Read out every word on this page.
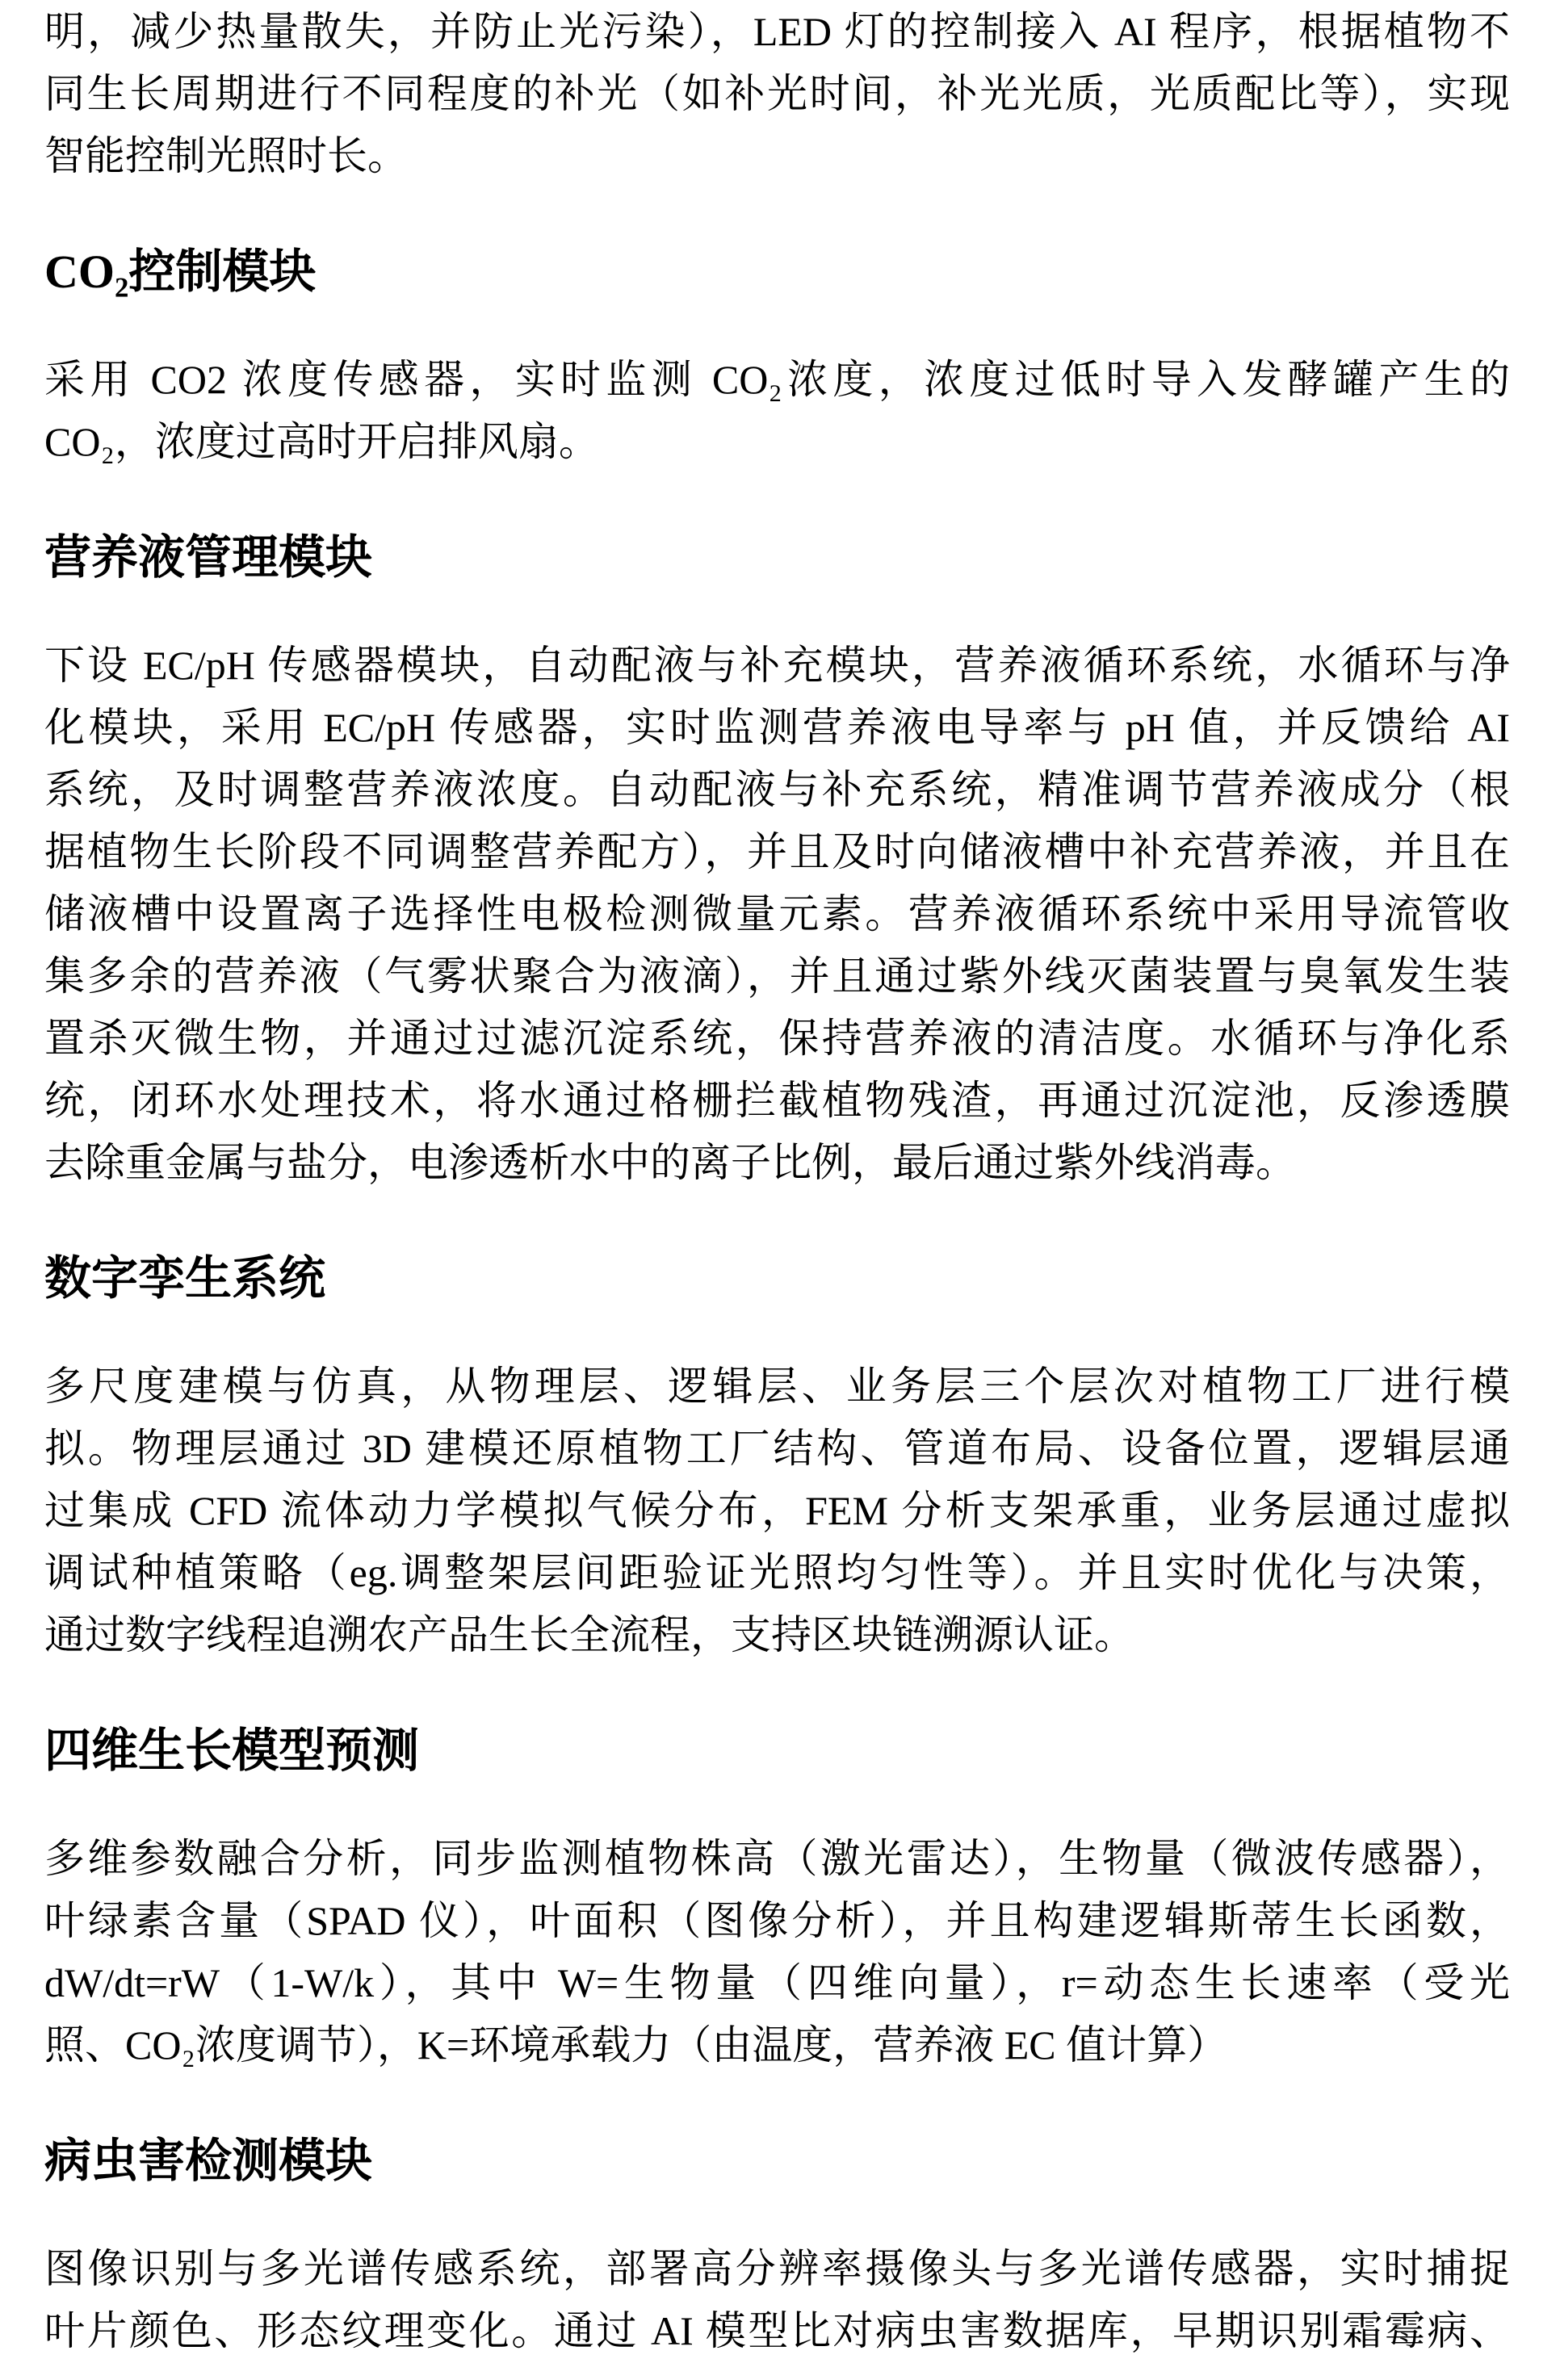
明，减少热量散失，并防止光污染），LED 灯的控制接入 AI 程序，根据植物不
同生长周期进行不同程度的补光（如补光时间，补光光质，光质配比等），实现
智能控制光照时长。
CO₂控制模块
采用 CO2 浓度传感器，实时监测 CO₂浓度，浓度过低时导入发酵罐产生的
CO₂，浓度过高时开启排风扇。
营养液管理模块
下设 EC/pH 传感器模块，自动配液与补充模块，营养液循环系统，水循环与净
化模块，采用 EC/pH 传感器，实时监测营养液电导率与 pH 值，并反馈给 AI
系统，及时调整营养液浓度。自动配液与补充系统，精准调节营养液成分（根
据植物生长阶段不同调整营养配方），并且及时向储液槽中补充营养液，并且在
储液槽中设置离子选择性电极检测微量元素。营养液循环系统中采用导流管收
集多余的营养液（气雾状聚合为液滴），并且通过紫外线灭菌装置与臭氧发生装
置杀灭微生物，并通过过滤沉淀系统，保持营养液的清洁度。水循环与净化系
统，闭环水处理技术，将水通过格栅拦截植物残渣，再通过沉淀池，反渗透膜
去除重金属与盐分，电渗透析水中的离子比例，最后通过紫外线消毒。
数字孪生系统
多尺度建模与仿真，从物理层、逻辑层、业务层三个层次对植物工厂进行模
拟。物理层通过 3D 建模还原植物工厂结构、管道布局、设备位置，逻辑层通
过集成 CFD 流体动力学模拟气候分布，FEM 分析支架承重，业务层通过虚拟
调试种植策略（eg.调整架层间距验证光照均匀性等）。并且实时优化与决策，
通过数字线程追溯农产品生长全流程，支持区块链溯源认证。
四维生长模型预测
多维参数融合分析，同步监测植物株高（激光雷达），生物量（微波传感器），
叶绿素含量（SPAD 仪），叶面积（图像分析），并且构建逻辑斯蒂生长函数，
dW/dt=rW（1-W/k），其中 W=生物量（四维向量），r=动态生长速率（受光
照、CO₂浓度调节），K=环境承载力（由温度，营养液 EC 值计算）
病虫害检测模块
图像识别与多光谱传感系统，部署高分辨率摄像头与多光谱传感器，实时捕捉
叶片颜色、形态纹理变化。通过 AI 模型比对病虫害数据库，早期识别霜霉病、
